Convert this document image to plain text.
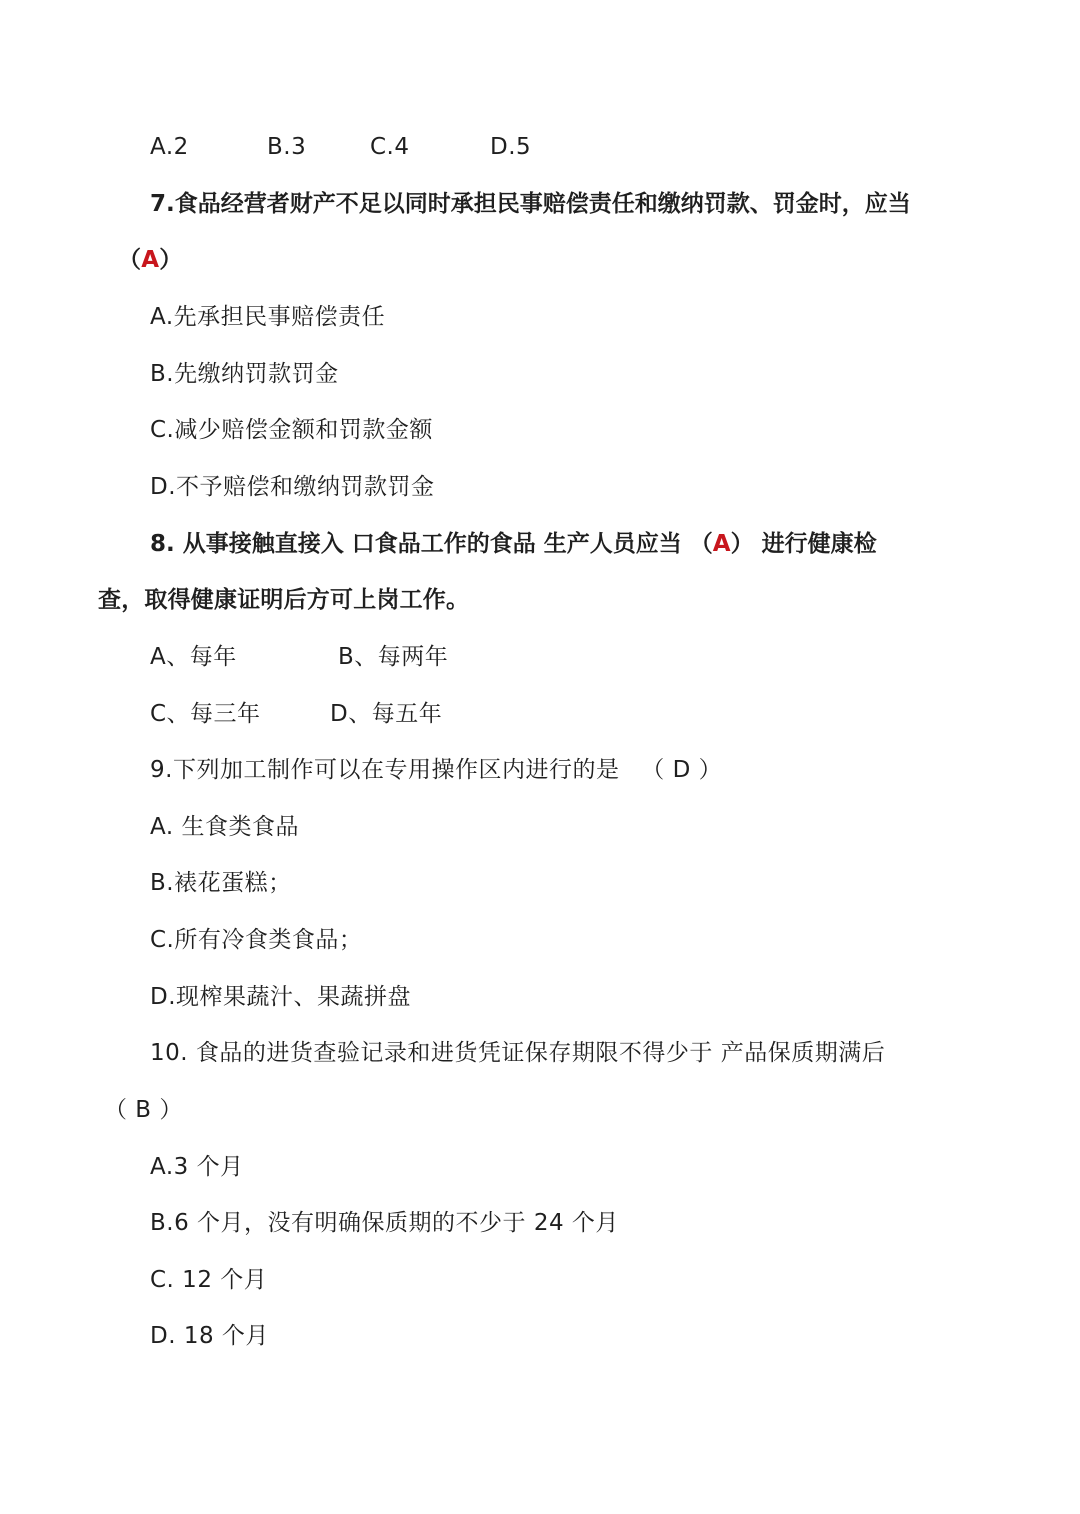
A.2	B.3	C.4	D.5
7.食品经营者财产不足以同时承担民事赔偿责任和缴纳罚款、罚金时，应当
（A）
A.先承担民事赔偿责任
B.先缴纳罚款罚金
C.减少赔偿金额和罚款金额
D.不予赔偿和缴纳罚款罚金
8. 从事接触直接入 口食品工作的食品 生产人员应当 （A） 进行健康检
查，取得健康证明后方可上岗工作。
A、每年	B、每两年
C、每三年	D、每五年
9.下列加工制作可以在专用操作区内进行的是 （ D ）
A. 生食类食品
B.裱花蛋糕；
C.所有冷食类食品；
D.现榨果蔬汁、果蔬拼盘
10. 食品的进货查验记录和进货凭证保存期限不得少于 产品保质期满后
（ B ）
A.3 个月
B.6 个月，没有明确保质期的不少于 24 个月
C. 12 个月
D. 18 个月
